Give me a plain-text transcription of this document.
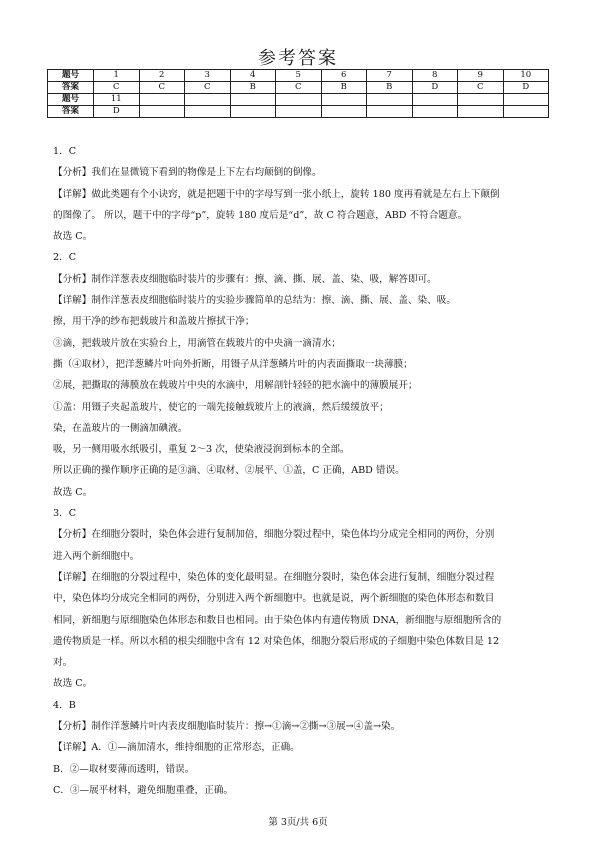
参考答案
题号	1	2	3	4	5	6	7	8	9	10
答案	C	C	C	B	C	B	B	D	C	D
题号	11									
答案	D									

1．C

【分析】我们在显微镜下看到的物像是上下左右均颠倒的倒像。

【详解】做此类题有个小诀窍，就是把题干中的字母写到一张小纸上，旋转 180 度再看就是左右上下颠倒

的图像了。 所以，题干中的字母“p”，旋转 180 度后是“d”，故 C 符合题意，ABD 不符合题意。

故选 C。

2．C

【分析】制作洋葱表皮细胞临时装片的步骤有：擦、滴、撕、展、盖、染、吸，解答即可。

【详解】制作洋葱表皮细胞临时装片的实验步骤简单的总结为：擦、滴、撕、展、盖、染、吸。

擦，用干净的纱布把载玻片和盖玻片擦拭干净；

③滴，把载玻片放在实验台上，用滴管在载玻片的中央滴一滴清水；

撕（④取材），把洋葱鳞片叶向外折断，用镊子从洋葱鳞片叶的内表面撕取一块薄膜；

②展，把撕取的薄膜放在载玻片中央的水滴中，用解剖针轻轻的把水滴中的薄膜展开；

①盖：用镊子夹起盖玻片，使它的一端先接触载玻片上的液滴，然后缓缓放平；

染，在盖玻片的一侧滴加碘液。

吸，另一侧用吸水纸吸引，重复 2～3 次，使染液浸润到标本的全部。

所以正确的操作顺序正确的是③滴、④取材、②展平、①盖，C 正确，ABD 错误。

故选 C。

3．C

【分析】在细胞分裂时，染色体会进行复制加倍，细胞分裂过程中，染色体均分成完全相同的两份，分别

进入两个新细胞中。

【详解】在细胞的分裂过程中，染色体的变化最明显。在细胞分裂时，染色体会进行复制，细胞分裂过程

中，染色体均分成完全相同的两份，分别进入两个新细胞中。也就是说，两个新细胞的染色体形态和数目

相同，新细胞与原细胞染色体形态和数目也相同。由于染色体内有遗传物质 DNA，新细胞与原细胞所含的

遗传物质是一样。所以水稻的根尖细胞中含有 12 对染色体，细胞分裂后形成的子细胞中染色体数目是 12

对。

故选 C。

4．B

【分析】制作洋葱鳞片叶内表皮细胞临时装片：擦→①滴→②撕→③展→④盖→染。

【详解】A．①—滴加清水，维持细胞的正常形态，正确。

B．②—取材要薄而透明，错误。

C．③—展平材料，避免细胞重叠，正确。

第 3页/共 6页
